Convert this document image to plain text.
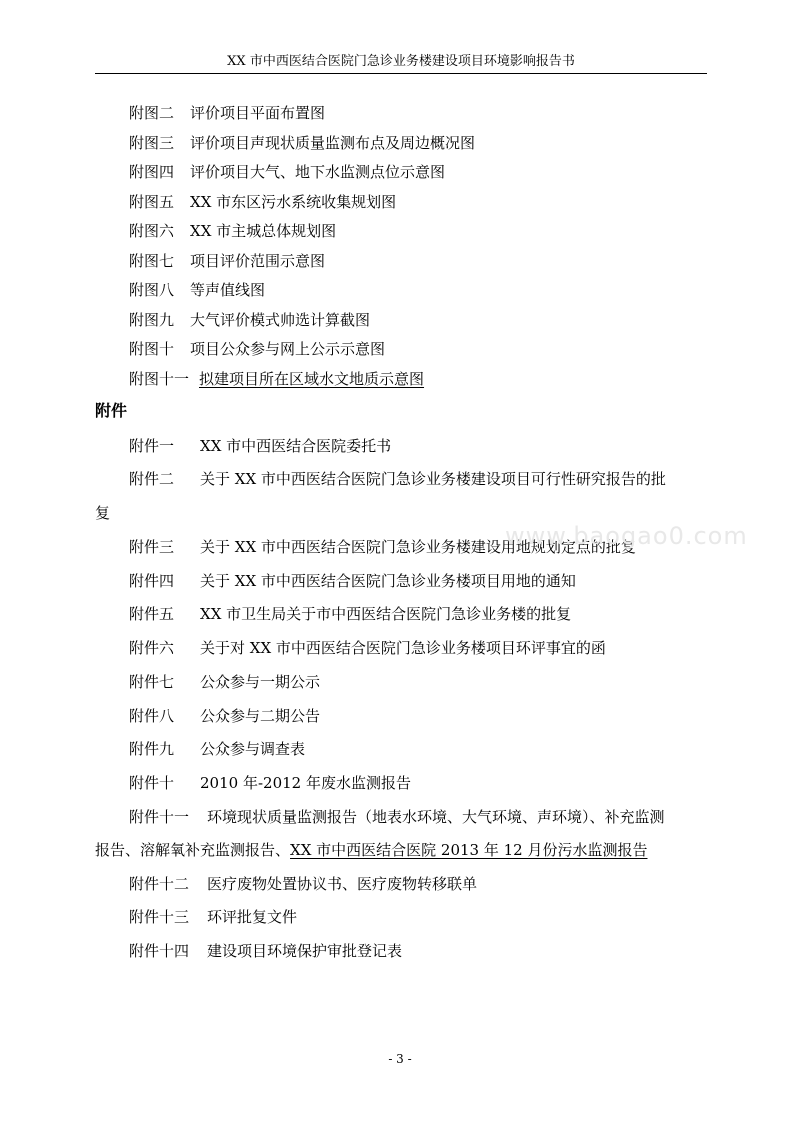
XX 市中西医结合医院门急诊业务楼建设项目环境影响报告书
附图二 评价项目平面布置图
附图三 评价项目声现状质量监测布点及周边概况图
附图四 评价项目大气、地下水监测点位示意图
附图五 XX 市东区污水系统收集规划图
附图六 XX 市主城总体规划图
附图七 项目评价范围示意图
附图八 等声值线图
附图九 大气评价模式帅选计算截图
附图十 项目公众参与网上公示示意图
附图十一 拟建项目所在区域水文地质示意图
附件
附件一 XX 市中西医结合医院委托书
附件二 关于 XX 市中西医结合医院门急诊业务楼建设项目可行性研究报告的批
复
附件三 关于 XX 市中西医结合医院门急诊业务楼建设用地规划定点的批复
附件四 关于 XX 市中西医结合医院门急诊业务楼项目用地的通知
附件五 XX 市卫生局关于市中西医结合医院门急诊业务楼的批复
附件六 关于对 XX 市中西医结合医院门急诊业务楼项目环评事宜的函
附件七 公众参与一期公示
附件八 公众参与二期公告
附件九 公众参与调查表
附件十 2010 年-2012 年废水监测报告
附件十一 环境现状质量监测报告（地表水环境、大气环境、声环境）、补充监测
报告、溶解氧补充监测报告、XX 市中西医结合医院 2013 年 12 月份污水监测报告
附件十二 医疗废物处置协议书、医疗废物转移联单
附件十三 环评批复文件
附件十四 建设项目环境保护审批登记表
www.baogao0.com
- 3 -
